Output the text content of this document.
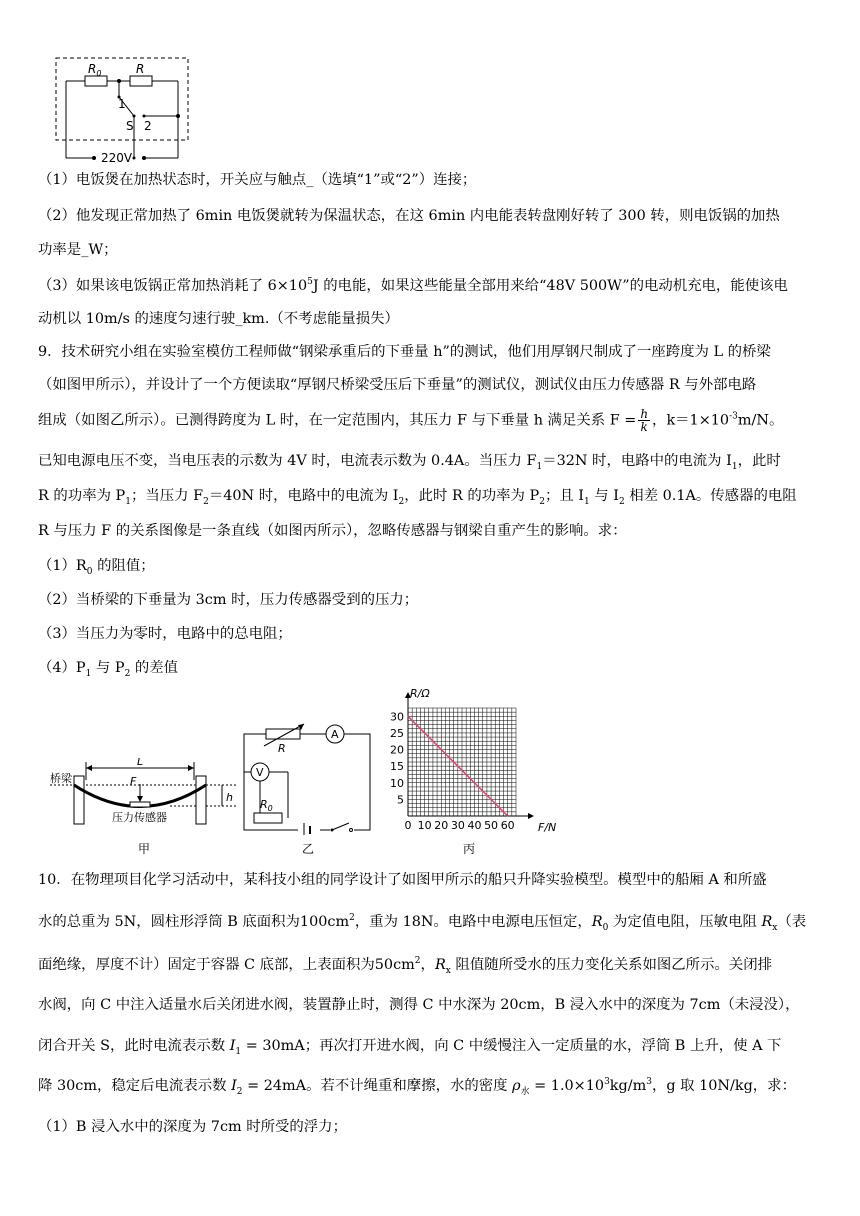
$R_0$	R
1
S 2
220V
（1）电饭煲在加热状态时，开关应与触点_（选填“1”或“2”）连接；
（2）他发现正常加热了 6min 电饭煲就转为保温状态，在这 6min 内电能表转盘刚好转了 300 转，则电饭锅的加热
功率是_W；
（3）如果该电饭锅正常加热消耗了 $6\times 10^5J$ 的电能，如果这些能量全部用来给“48V 500W”的电动机充电，能使该电
动机以 10m/s 的速度匀速行驶_km.（不考虑能量损失）
9．技术研究小组在实验室模仿工程师做“钢梁承重后的下垂量 h”的测试，他们用厚钢尺制成了一座跨度为 L 的桥梁
（如图甲所示），并设计了一个方便读取“厚钢尺桥梁受压后下垂量”的测试仪，测试仪由压力传感器 R 与外部电路
组成（如图乙所示）。已测得跨度为 L 时，在一定范围内，其压力 F 与下垂量 h 满足关系 $F = \frac{h}{k}$ ，$k=1\times 10^{-3}m/N$。
已知电源电压不变，当电压表的示数为 4V 时，电流表示数为 0.4A。当压力 $F_1=32N$ 时，电路中的电流为 $I_1$，此时
R 的功率为 $P_1$；当压力 $F_2=40N$ 时，电路中的电流为 $I_2$，此时 R 的功率为 $P_2$；且 $I_1$ 与 $I_2$ 相差 0.1A。传感器的电阻
R 与压力 F 的关系图像是一条直线（如图丙所示），忽略传感器与钢梁自重产生的影响。求：
$(1)R_0$ 的阻值；
（2）当桥梁的下垂量为 3cm 时，压力传感器受到的压力；
（3）当压力为零时，电路中的总电阻；
$(4)P_1$ 与 $P_2$ 的差值
桥梁
L
F
h
压力传感器
甲
R
A
V
$R_0$
乙
0 10 20 30 40 50 60
5
10
15
20
25
30
R/Ω
F/N
丙
10．在物理项目化学习活动中，某科技小组的同学设计了如图甲所示的船只升降实验模型。模型中的船厢 A 和所盛
水的总重为 5N，圆柱形浮筒 B 底面积为$100cm^2$，重为 18N。电路中电源电压恒定，$R_0$ 为定值电阻，压敏电阻 $R_x$（表
面绝缘，厚度不计）固定于容器 C 底部，上表面积为$50cm^2$，$R_x$ 阻值随所受水的压力变化关系如图乙所示。关闭排
水阀，向 C 中注入适量水后关闭进水阀，装置静止时，测得 C 中水深为 20cm，B 浸入水中的深度为 7cm（未浸没），
闭合开关 S，此时电流表示数 $I_1 = 30mA$；再次打开进水阀，向 C 中缓慢注入一定质量的水，浮筒 B 上升，使 A 下
降 30cm，稳定后电流表示数 $I_2 = 24mA$。若不计绳重和摩擦，水的密度 $\rho_水 = 1.0\times 10^3kg/m^3$，g 取 10N/kg，求：
（1）B 浸入水中的深度为 7cm 时所受的浮力；
